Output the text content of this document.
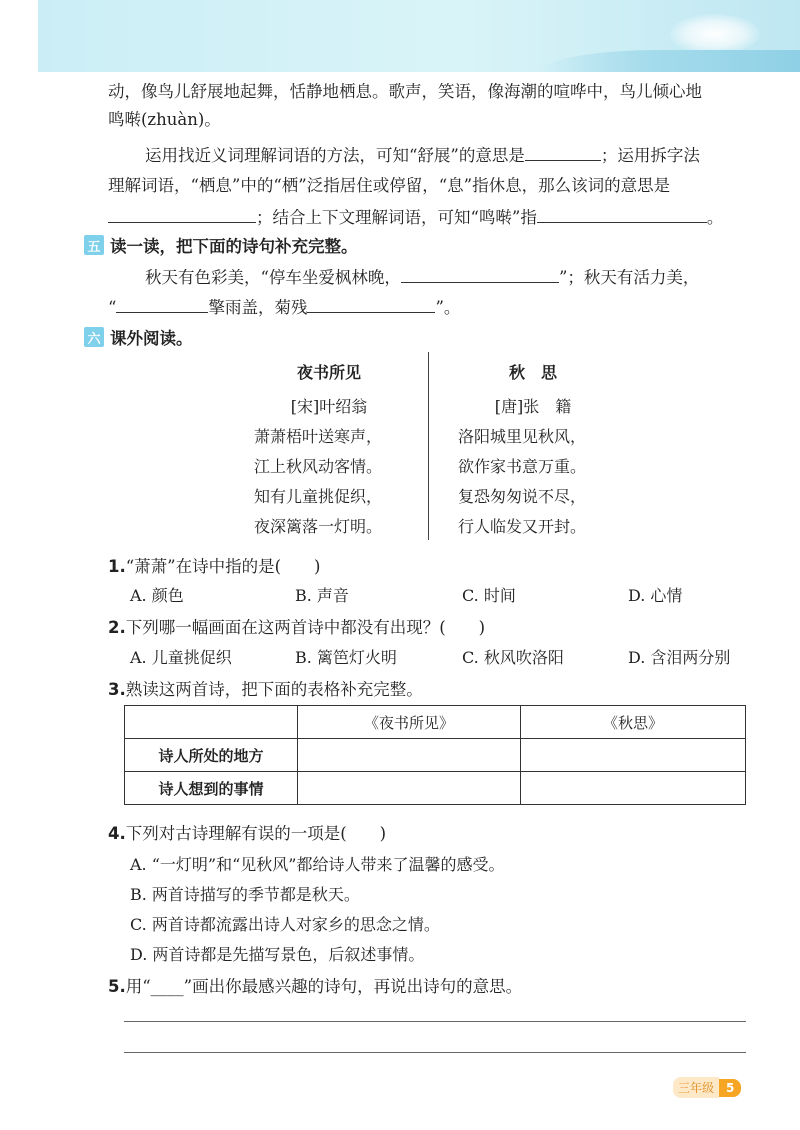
动，像鸟儿舒展地起舞，恬静地栖息。歌声，笑语，像海潮的喧哗中，鸟儿倾心地
鸣啭(zhuàn)。
运用找近义词理解词语的方法，可知“舒展”的意思是	；运用拆字法
理解词语，“栖息”中的“栖”泛指居住或停留，“息”指休息，那么该词的意思是
；结合上下文理解词语，可知“鸣啭”指	。
五 读一读，把下面的诗句补充完整。
秋天有色彩美，“停车坐爱枫林晚，	”；秋天有活力美，
“	擎雨盖，菊残	”。
六 课外阅读。
夜书所见
[宋]叶绍翁
萧萧梧叶送寒声，
江上秋风动客情。
知有儿童挑促织，
夜深篱落一灯明。
秋　思
[唐]张　籍
洛阳城里见秋风，
欲作家书意万重。
复恐匆匆说不尽，
行人临发又开封。
1.“萧萧”在诗中指的是(　　)
A. 颜色	B. 声音	C. 时间	D. 心情
2.下列哪一幅画面在这两首诗中都没有出现？(　　)
A. 儿童挑促织	B. 篱笆灯火明	C. 秋风吹洛阳	D. 含泪两分别
3.熟读这两首诗，把下面的表格补充完整。
	《夜书所见》	《秋思》
诗人所处的地方		
诗人想到的事情		
4.下列对古诗理解有误的一项是(　　)
A. “一灯明”和“见秋风”都给诗人带来了温馨的感受。
B. 两首诗描写的季节都是秋天。
C. 两首诗都流露出诗人对家乡的思念之情。
D. 两首诗都是先描写景色，后叙述事情。
5.用“____”画出你最感兴趣的诗句，再说出诗句的意思。
三年级	5
